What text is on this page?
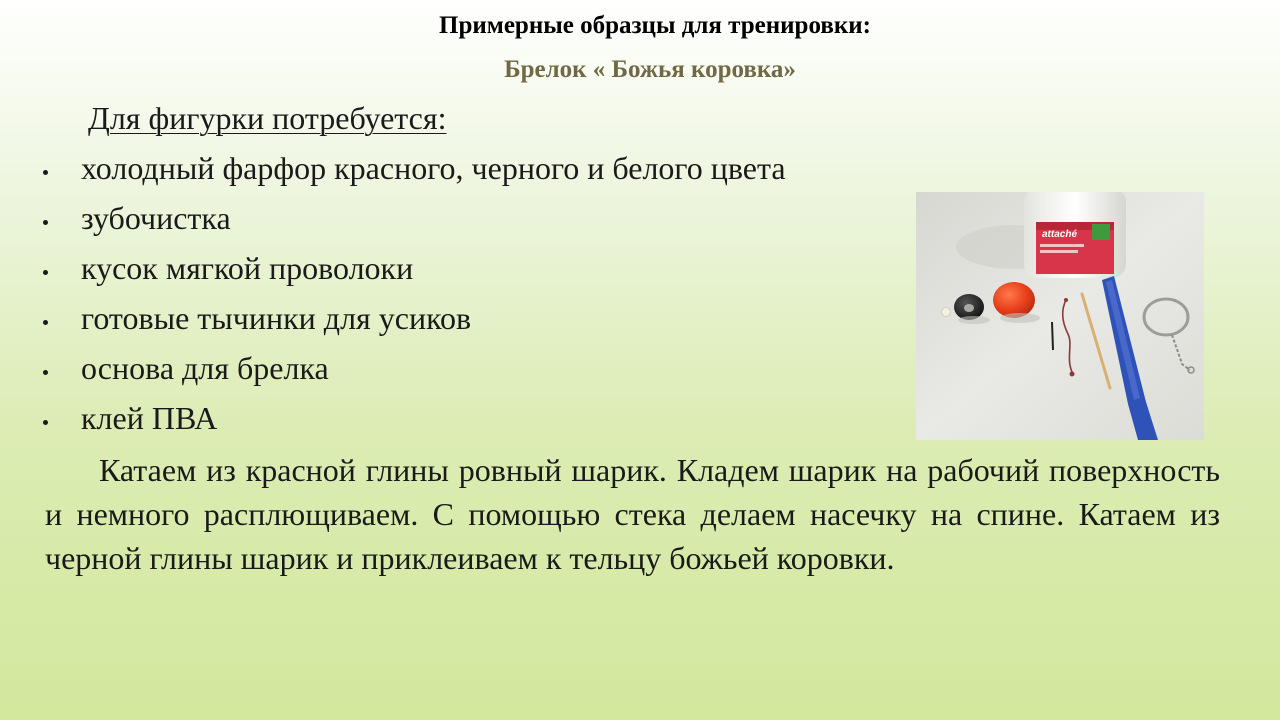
Примерные образцы для тренировки:
Брелок « Божья коровка»
Для фигурки потребуется:
холодный фарфор красного, черного и белого цвета
зубочистка
кусок мягкой проволоки
готовые тычинки для усиков
основа для брелка
клей ПВА
attaché

Катаем из красной глины ровный шарик. Кладем шарик на рабочий поверхность и немного расплющиваем. С помощью стека делаем насечку на спине. Катаем из черной глины шарик и приклеиваем к тельцу божьей коровки.
